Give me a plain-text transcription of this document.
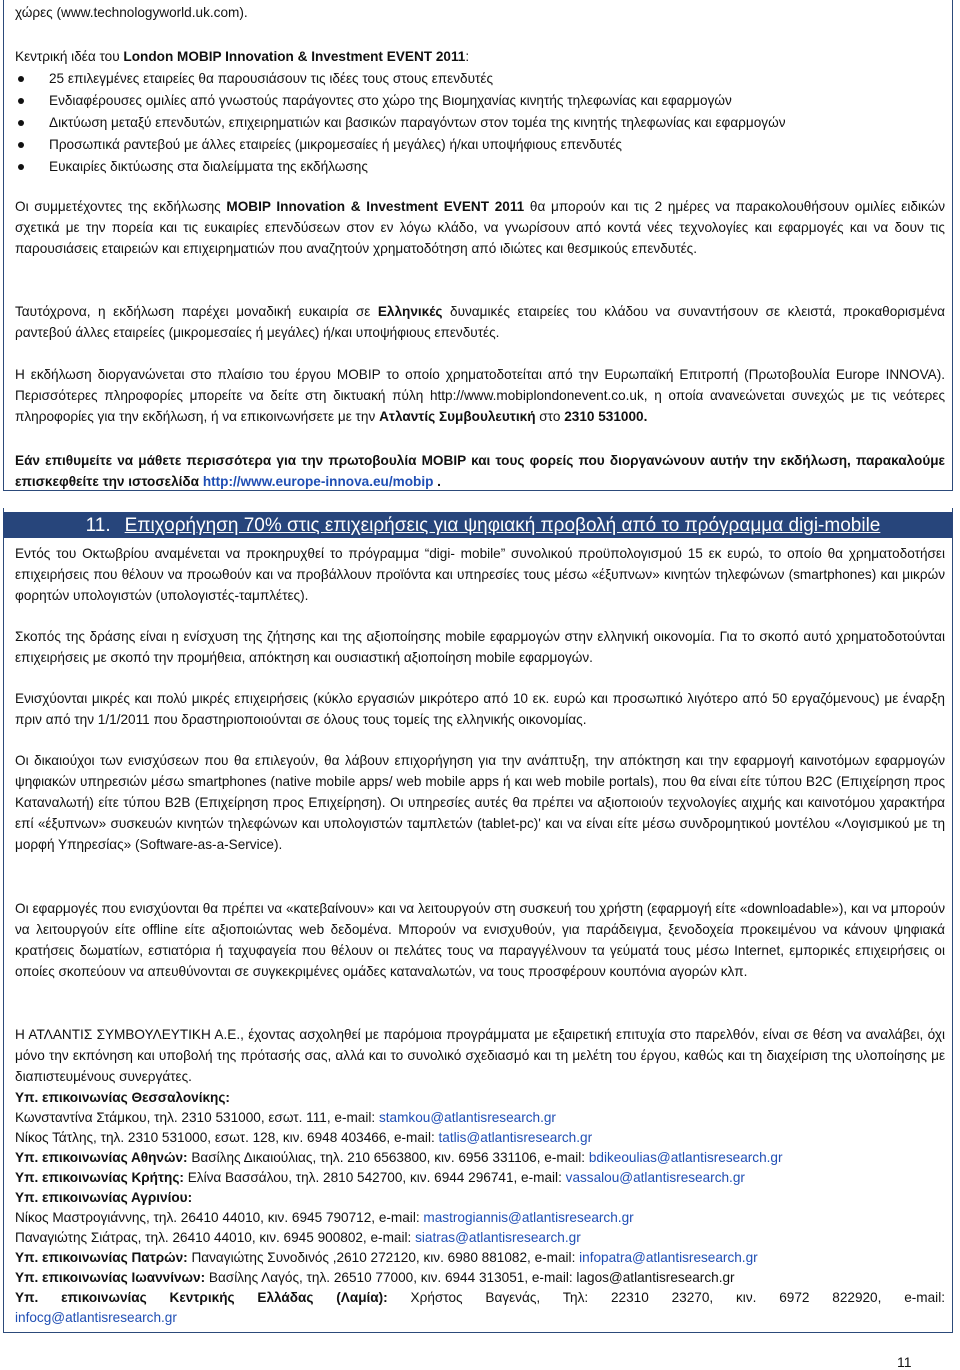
χώρες (www.technologyworld.uk.com).

Κεντρική ιδέα του London MOBIP Innovation & Investment EVENT 2011:

25 επιλεγμένες εταιρείες θα παρουσιάσουν τις ιδέες τους στους επενδυτές
Ενδιαφέρουσες ομιλίες από γνωστούς παράγοντες στο χώρο της Βιομηχανίας κινητής τηλεφωνίας και εφαρμογών
Δικτύωση μεταξύ επενδυτών, επιχειρηματιών και βασικών παραγόντων στον τομέα της κινητής τηλεφωνίας και εφαρμογών
Προσωπικά ραντεβού με άλλες εταιρείες (μικρομεσαίες ή μεγάλες) ή/και υποψήφιους επενδυτές
Ευκαιρίες δικτύωσης στα διαλείμματα της εκδήλωσης

Οι συμμετέχοντες της εκδήλωσης MOBIP Innovation & Investment EVENT 2011 θα μπορούν και τις 2 ημέρες να παρακολουθήσουν ομιλίες ειδικών σχετικά με την πορεία και τις ευκαιρίες επενδύσεων στον εν λόγω κλάδο, να γνωρίσουν από κοντά νέες τεχνολογίες και εφαρμογές και να δουν τις παρουσιάσεις εταιρειών και επιχειρηματιών που αναζητούν χρηματοδότηση από ιδιώτες και θεσμικούς επενδυτές.

Ταυτόχρονα, η εκδήλωση παρέχει μοναδική ευκαιρία σε Ελληνικές δυναμικές εταιρείες του κλάδου να συναντήσουν σε κλειστά, προκαθορισμένα ραντεβού άλλες εταιρείες (μικρομεσαίες ή μεγάλες) ή/και υποψήφιους επενδυτές.

Η εκδήλωση διοργανώνεται στο πλαίσιο του έργου MOBIP το οποίο χρηματοδοτείται από την Ευρωπαϊκή Επιτροπή (Πρωτοβουλία Europe INNOVA). Περισσότερες πληροφορίες μπορείτε να δείτε στη δικτυακή πύλη http://www.mobiplondonevent.co.uk, η οποία ανανεώνεται συνεχώς με τις νεότερες πληροφορίες για την εκδήλωση, ή να επικοινωνήσετε με την Ατλαντίς Συμβουλευτική στο 2310 531000.

Εάν επιθυμείτε να μάθετε περισσότερα για την πρωτοβουλία MOBIP και τους φορείς που διοργανώνουν αυτήν την εκδήλωση, παρακαλούμε επισκεφθείτε την ιστοσελίδα http://www.europe-innova.eu/mobip .

11. Επιχορήγηση 70% στις επιχειρήσεις για ψηφιακή προβολή από το πρόγραμμα digi-mobile

Εντός του Οκτωβρίου αναμένεται να προκηρυχθεί το πρόγραμμα “digi- mobile” συνολικού προϋπολογισμού 15 εκ ευρώ, το οποίο θα χρηματοδοτήσει επιχειρήσεις που θέλουν να προωθούν και να προβάλλουν προϊόντα και υπηρεσίες τους μέσω «έξυπνων» κινητών τηλεφώνων (smartphones) και μικρών φορητών υπολογιστών (υπολογιστές-ταμπλέτες).

Σκοπός της δράσης είναι η ενίσχυση της ζήτησης και της αξιοποίησης mobile εφαρμογών στην ελληνική οικονομία. Για το σκοπό αυτό χρηματοδοτούνται επιχειρήσεις με σκοπό την προμήθεια, απόκτηση και ουσιαστική αξιοποίηση mobile εφαρμογών.

Ενισχύονται μικρές και πολύ μικρές επιχειρήσεις (κύκλο εργασιών μικρότερο από 10 εκ. ευρώ και προσωπικό λιγότερο από 50 εργαζόμενους) με έναρξη πριν από την 1/1/2011 που δραστηριοποιούνται σε όλους τους τομείς της ελληνικής οικονομίας.

Οι δικαιούχοι των ενισχύσεων που θα επιλεγούν, θα λάβουν επιχορήγηση για την ανάπτυξη, την απόκτηση και την εφαρμογή καινοτόμων εφαρμογών ψηφιακών υπηρεσιών μέσω smartphones (native mobile apps/ web mobile apps ή και web mobile portals), που θα είναι είτε τύπου B2C (Επιχείρηση προς Καταναλωτή) είτε τύπου B2B (Επιχείρηση προς Επιχείρηση). Οι υπηρεσίες αυτές θα πρέπει να αξιοποιούν τεχνολογίες αιχμής και καινοτόμου χαρακτήρα επί «έξυπνων» συσκευών κινητών τηλεφώνων και υπολογιστών ταμπλετών (tablet-pc)' και να είναι είτε μέσω συνδρομητικού μοντέλου «Λογισμικού με τη μορφή Υπηρεσίας» (Software-as-a-Service).

Οι εφαρμογές που ενισχύονται θα πρέπει να «κατεβαίνουν» και να λειτουργούν στη συσκευή του χρήστη (εφαρμογή είτε «downloadable»), και να μπορούν να λειτουργούν είτε offline είτε αξιοποιώντας web δεδομένα. Μπορούν να ενισχυθούν, για παράδειγμα, ξενοδοχεία προκειμένου να κάνουν ψηφιακά κρατήσεις δωματίων, εστιατόρια ή ταχυφαγεία που θέλουν οι πελάτες τους να παραγγέλνουν τα γεύματά τους μέσω Internet, εμπορικές επιχειρήσεις οι οποίες σκοπεύουν να απευθύνονται σε συγκεκριμένες ομάδες καταναλωτών, να τους προσφέρουν κουπόνια αγορών κλπ.

Η ΑΤΛΑΝΤΙΣ ΣΥΜΒΟΥΛΕΥΤΙΚΗ Α.Ε., έχοντας ασχοληθεί με παρόμοια προγράμματα με εξαιρετική επιτυχία στο παρελθόν, είναι σε θέση να αναλάβει, όχι μόνο την εκπόνηση και υποβολή της πρότασής σας, αλλά και το συνολικό σχεδιασμό και τη μελέτη του έργου, καθώς και τη διαχείριση της υλοποίησης με διαπιστευμένους συνεργάτες.

Υπ. επικοινωνίας Θεσσαλονίκης:
Κωνσταντίνα Στάμκου, τηλ. 2310 531000, εσωτ. 111, e-mail: stamkou@atlantisresearch.gr
Νίκος Τάτλης, τηλ. 2310 531000, εσωτ. 128, κιν. 6948 403466, e-mail: tatlis@atlantisresearch.gr
Υπ. επικοινωνίας Αθηνών: Βασίλης Δικαιούλιας, τηλ. 210 6563800, κιν. 6956 331106, e-mail: bdikeoulias@atlantisresearch.gr
Υπ. επικοινωνίας Κρήτης: Ελίνα Βασσάλου, τηλ. 2810 542700, κιν. 6944 296741, e-mail: vassalou@atlantisresearch.gr
Υπ. επικοινωνίας Αγρινίου:
Νίκος Μαστρογιάννης, τηλ. 26410 44010, κιν. 6945 790712, e-mail: mastrogiannis@atlantisresearch.gr
Παναγιώτης Σιάτρας, τηλ. 26410 44010, κιν. 6945 900802, e-mail: siatras@atlantisresearch.gr
Υπ. επικοινωνίας Πατρών: Παναγιώτης Συνοδινός ,2610 272120, κιν. 6980 881082, e-mail: infopatra@atlantisresearch.gr
Υπ. επικοινωνίας Ιωαννίνων: Βασίλης Λαγός, τηλ. 26510 77000, κιν. 6944 313051, e-mail: lagos@atlantisresearch.gr
Υπ. επικοινωνίας Κεντρικής Ελλάδας (Λαμία): Χρήστος Βαγενάς, Τηλ: 22310 23270, κιν. 6972 822920, e-mail:
infocg@atlantisresearch.gr
11
